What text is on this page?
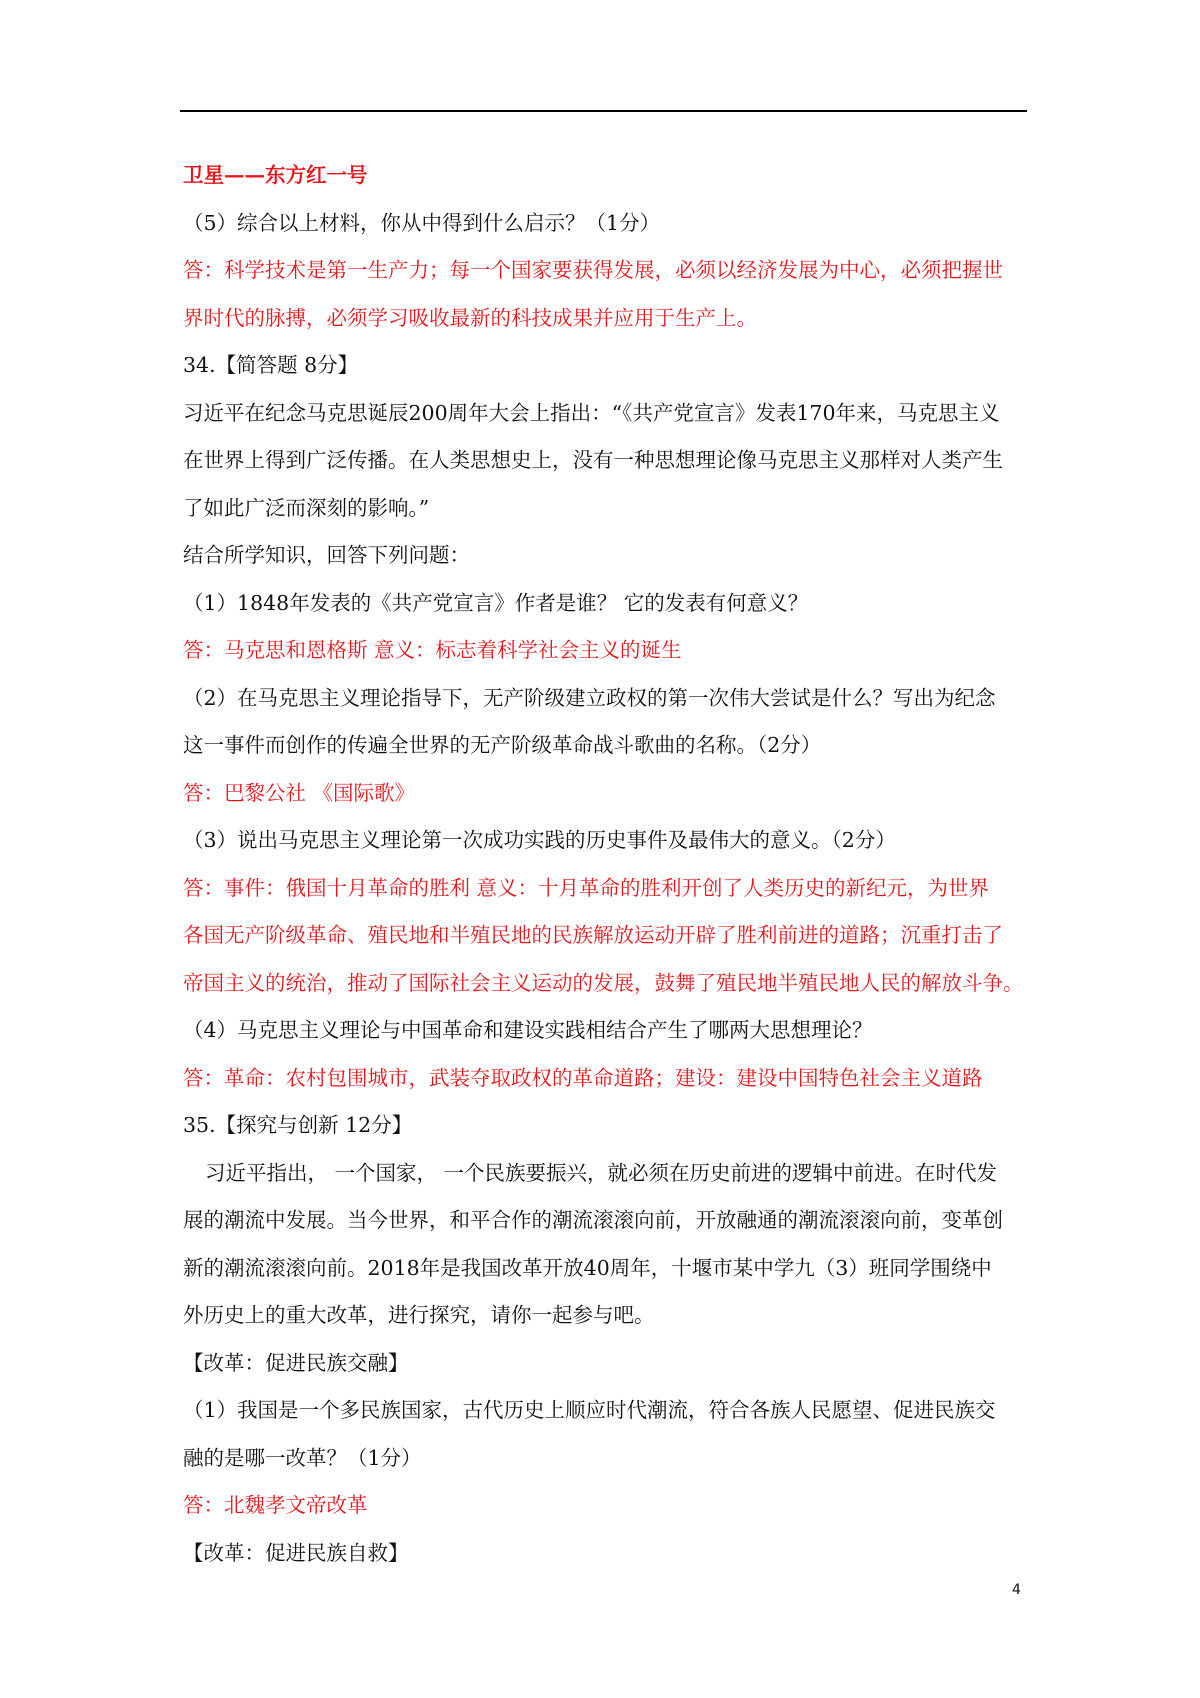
卫星——东方红一号
（5）综合以上材料，你从中得到什么启示？（1分）
答：科学技术是第一生产力；每一个国家要获得发展，必须以经济发展为中心，必须把握世
界时代的脉搏，必须学习吸收最新的科技成果并应用于生产上。
34.【简答题 8分】
习近平在纪念马克思诞辰200周年大会上指出：“《共产党宣言》发表170年来，马克思主义
在世界上得到广泛传播。在人类思想史上，没有一种思想理论像马克思主义那样对人类产生
了如此广泛而深刻的影响。”
结合所学知识，回答下列问题：
（1）1848年发表的《共产党宣言》作者是谁？ 它的发表有何意义？
答：马克思和恩格斯 意义：标志着科学社会主义的诞生
（2）在马克思主义理论指导下，无产阶级建立政权的第一次伟大尝试是什么？写出为纪念
这一事件而创作的传遍全世界的无产阶级革命战斗歌曲的名称。（2分）
答：巴黎公社 《国际歌》
（3）说出马克思主义理论第一次成功实践的历史事件及最伟大的意义。（2分）
答：事件：俄国十月革命的胜利 意义：十月革命的胜利开创了人类历史的新纪元，为世界
各国无产阶级革命、殖民地和半殖民地的民族解放运动开辟了胜利前进的道路；沉重打击了
帝国主义的统治，推动了国际社会主义运动的发展，鼓舞了殖民地半殖民地人民的解放斗争。
（4）马克思主义理论与中国革命和建设实践相结合产生了哪两大思想理论？
答：革命：农村包围城市，武装夺取政权的革命道路；建设：建设中国特色社会主义道路
35.【探究与创新 12分】
习近平指出， 一个国家， 一个民族要振兴，就必须在历史前进的逻辑中前进。在时代发
展的潮流中发展。当今世界，和平合作的潮流滚滚向前，开放融通的潮流滚滚向前，变革创
新的潮流滚滚向前。2018年是我国改革开放40周年，十堰市某中学九（3）班同学围绕中
外历史上的重大改革，进行探究，请你一起参与吧。
【改革：促进民族交融】
（1）我国是一个多民族国家，古代历史上顺应时代潮流，符合各族人民愿望、促进民族交
融的是哪一改革？（1分）
答：北魏孝文帝改革
【改革：促进民族自救】
4
